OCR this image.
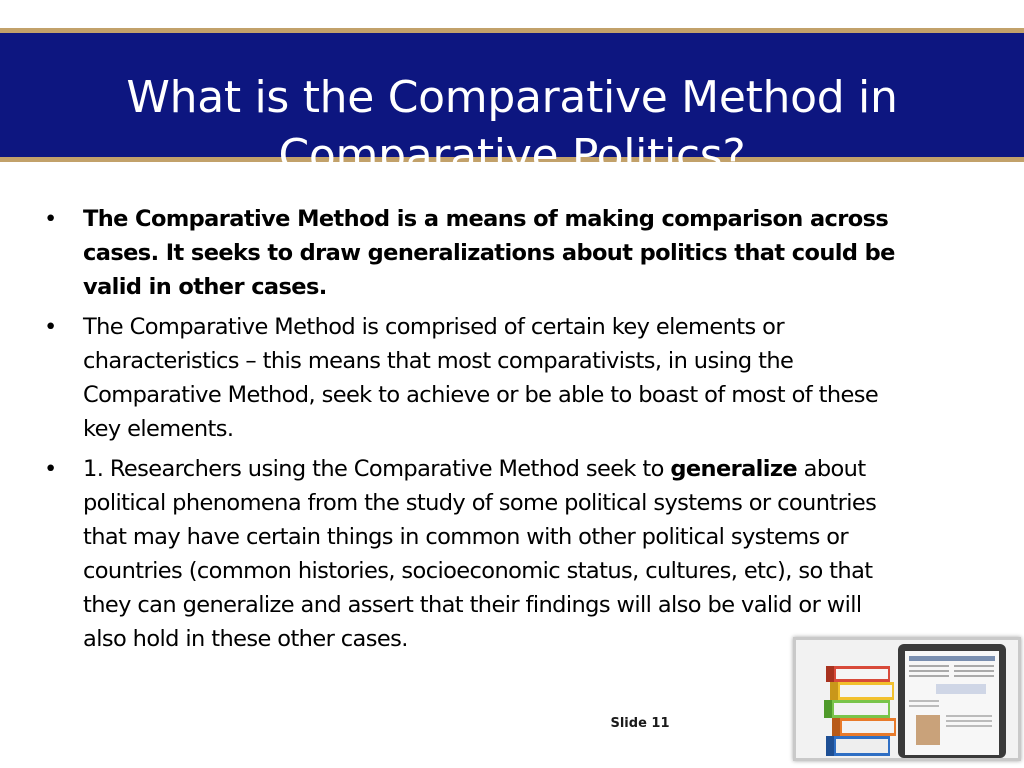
What is the Comparative Method in Comparative Politics?
•	The Comparative Method is a means of making comparison across cases. It seeks to draw generalizations about politics that could be valid in other cases.
•	The Comparative Method is comprised of certain key elements or characteristics – this means that most comparativists, in using the Comparative Method, seek to achieve or be able to boast of most of these key elements.
•	1. Researchers using the Comparative Method seek to generalize about political phenomena from the study of some political systems or countries that may have certain things in common with other political systems or countries (common histories, socioeconomic status, cultures, etc), so that they can generalize and assert that their findings will also be valid or will also hold in these other cases.
Slide 11
